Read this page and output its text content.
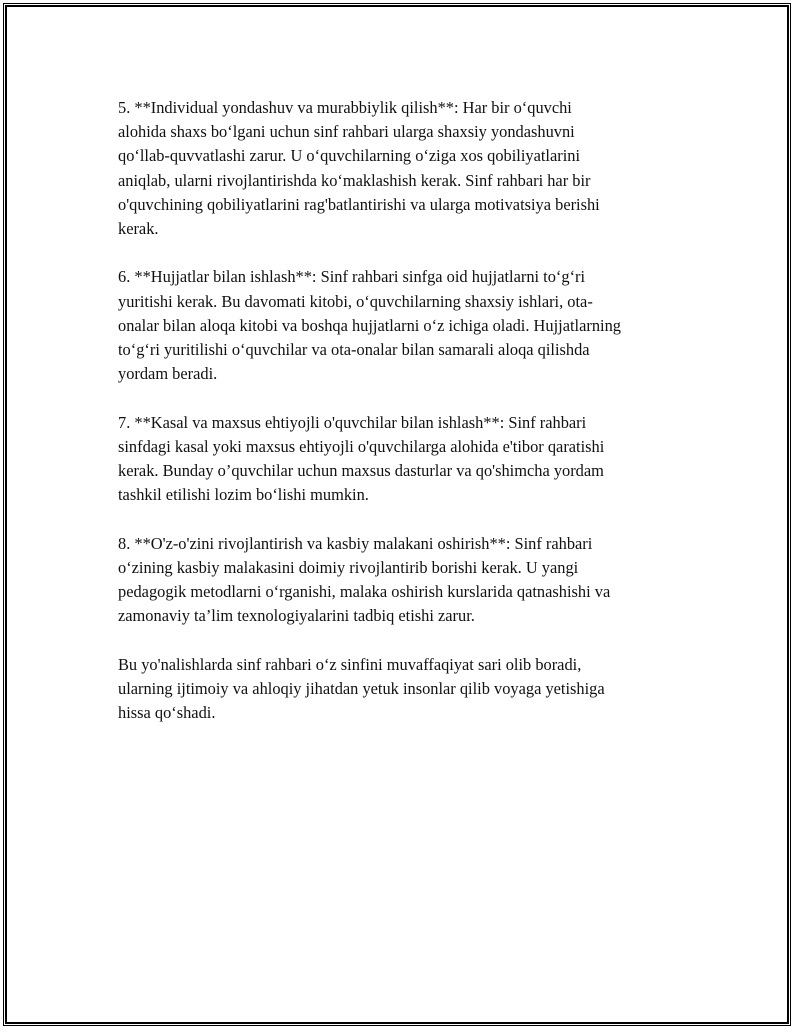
5. **Individual yondashuv va murabbiylik qilish**: Har bir o‘quvchi
alohida shaxs bo‘lgani uchun sinf rahbari ularga shaxsiy yondashuvni
qo‘llab-quvvatlashi zarur. U o‘quvchilarning o‘ziga xos qobiliyatlarini
aniqlab, ularni rivojlantirishda ko‘maklashish kerak. Sinf rahbari har bir
o'quvchining qobiliyatlarini rag'batlantirishi va ularga motivatsiya berishi
kerak.

6. **Hujjatlar bilan ishlash**: Sinf rahbari sinfga oid hujjatlarni to‘g‘ri
yuritishi kerak. Bu davomati kitobi, o‘quvchilarning shaxsiy ishlari, ota-
onalar bilan aloqa kitobi va boshqa hujjatlarni o‘z ichiga oladi. Hujjatlarning
to‘g‘ri yuritilishi o‘quvchilar va ota-onalar bilan samarali aloqa qilishda
yordam beradi.

7. **Kasal va maxsus ehtiyojli o'quvchilar bilan ishlash**: Sinf rahbari
sinfdagi kasal yoki maxsus ehtiyojli o'quvchilarga alohida e'tibor qaratishi
kerak. Bunday o’quvchilar uchun maxsus dasturlar va qo'shimcha yordam
tashkil etilishi lozim bo‘lishi mumkin.

8. **O'z-o'zini rivojlantirish va kasbiy malakani oshirish**: Sinf rahbari
o‘zining kasbiy malakasini doimiy rivojlantirib borishi kerak. U yangi
pedagogik metodlarni o‘rganishi, malaka oshirish kurslarida qatnashishi va
zamonaviy ta’lim texnologiyalarini tadbiq etishi zarur.

Bu yo'nalishlarda sinf rahbari o‘z sinfini muvaffaqiyat sari olib boradi,
ularning ijtimoiy va ahloqiy jihatdan yetuk insonlar qilib voyaga yetishiga
hissa qo‘shadi.
